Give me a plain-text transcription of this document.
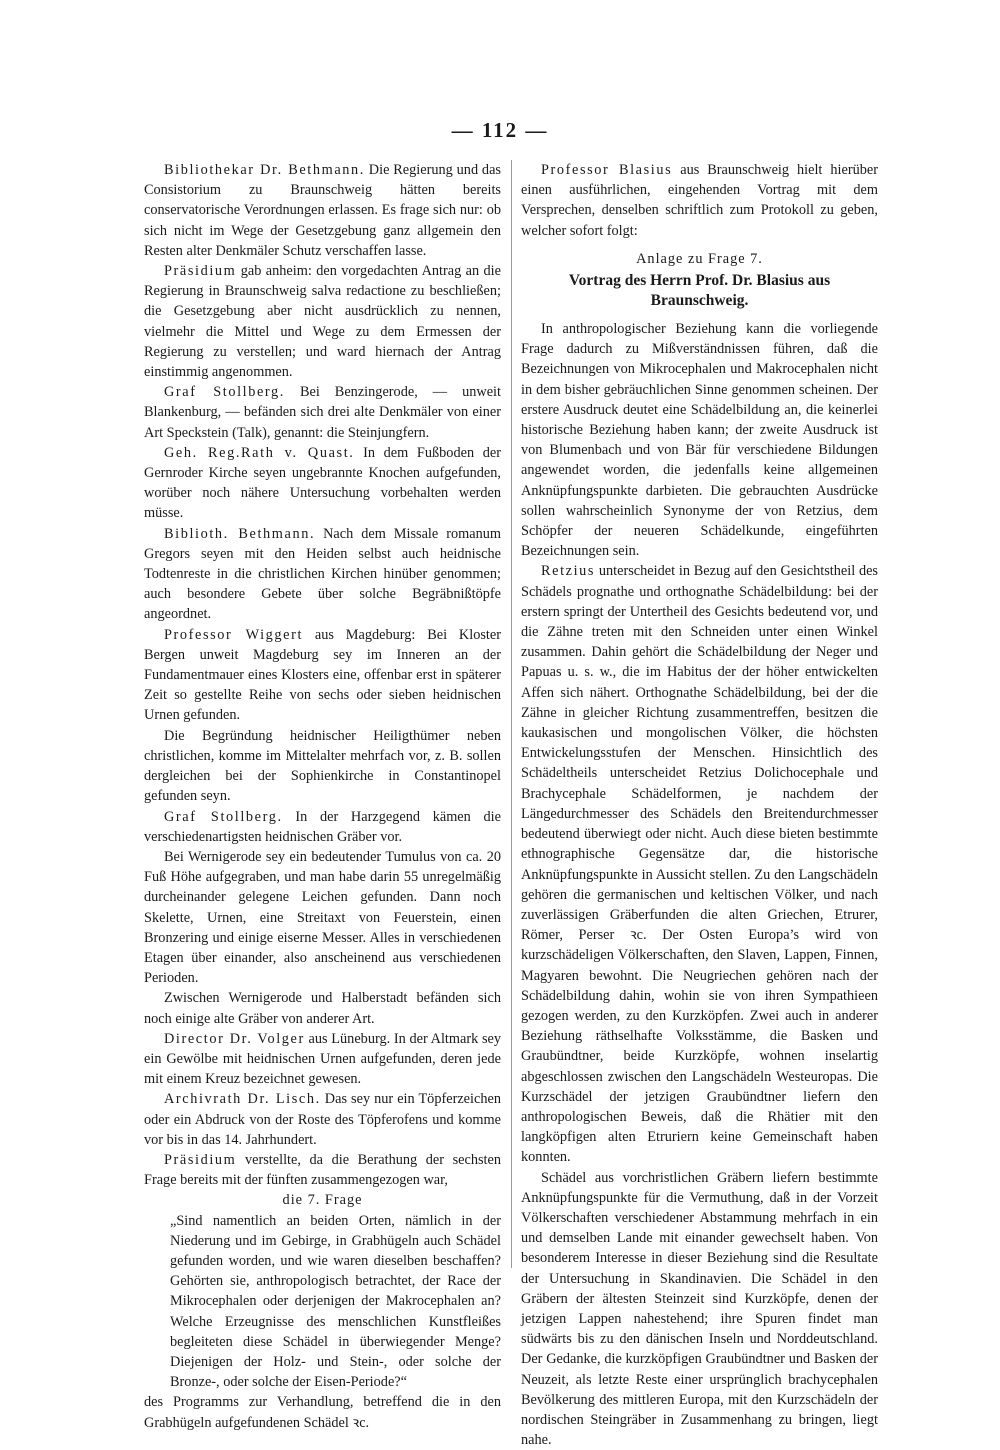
— 112 —

Bibliothekar Dr. Bethmann. Die Regierung und das Consistorium zu Braunschweig hätten bereits conservatorische Verordnungen erlassen. Es frage sich nur: ob sich nicht im Wege der Gesetzgebung ganz allgemein den Resten alter Denkmäler Schutz verschaffen lasse.

Präsidium gab anheim: den vorgedachten Antrag an die Regierung in Braunschweig salva redactione zu beschließen; die Gesetzgebung aber nicht ausdrücklich zu nennen, vielmehr die Mittel und Wege zu dem Ermessen der Regierung zu verstellen; und ward hiernach der Antrag einstimmig angenommen.

Graf Stollberg. Bei Benzingerode, — unweit Blankenburg, — befänden sich drei alte Denkmäler von einer Art Speckstein (Talk), genannt: die Steinjungfern.

Geh. Reg.Rath v. Quast. In dem Fußboden der Gernroder Kirche seyen ungebrannte Knochen aufgefunden, worüber noch nähere Untersuchung vorbehalten werden müsse.

Biblioth. Bethmann. Nach dem Missale romanum Gregors seyen mit den Heiden selbst auch heidnische Todtenreste in die christlichen Kirchen hinüber genommen; auch besondere Gebete über solche Begräbnißtöpfe angeordnet.

Professor Wiggert aus Magdeburg: Bei Kloster Bergen unweit Magdeburg sey im Inneren an der Fundamentmauer eines Klosters eine, offenbar erst in späterer Zeit so gestellte Reihe von sechs oder sieben heidnischen Urnen gefunden.

Die Begründung heidnischer Heiligthümer neben christlichen, komme im Mittelalter mehrfach vor, z. B. sollen dergleichen bei der Sophienkirche in Constantinopel gefunden seyn.

Graf Stollberg. In der Harzgegend kämen die verschiedenartigsten heidnischen Gräber vor.

Bei Wernigerode sey ein bedeutender Tumulus von ca. 20 Fuß Höhe aufgegraben, und man habe darin 55 unregelmäßig durcheinander gelegene Leichen gefunden. Dann noch Skelette, Urnen, eine Streitaxt von Feuerstein, einen Bronzering und einige eiserne Messer. Alles in verschiedenen Etagen über einander, also anscheinend aus verschiedenen Perioden.

Zwischen Wernigerode und Halberstadt befänden sich noch einige alte Gräber von anderer Art.

Director Dr. Volger aus Lüneburg. In der Altmark sey ein Gewölbe mit heidnischen Urnen aufgefunden, deren jede mit einem Kreuz bezeichnet gewesen.

Archivrath Dr. Lisch. Das sey nur ein Töpferzeichen oder ein Abdruck von der Roste des Töpferofens und komme vor bis in das 14. Jahrhundert.

Präsidium verstellte, da die Berathung der sechsten Frage bereits mit der fünften zusammengezogen war,

die 7. Frage

„Sind namentlich an beiden Orten, nämlich in der Niederung und im Gebirge, in Grabhügeln auch Schädel gefunden worden, und wie waren dieselben beschaffen? Gehörten sie, anthropologisch betrachtet, der Race der Mikrocephalen oder derjenigen der Makrocephalen an? Welche Erzeugnisse des menschlichen Kunstfleißes begleiteten diese Schädel in überwiegender Menge? Diejenigen der Holz- und Stein-, oder solche der Bronze-, oder solche der Eisen-Periode?“

des Programms zur Verhandlung, betreffend die in den Grabhügeln aufgefundenen Schädel ꝛc.

Professor Blasius aus Braunschweig hielt hierüber einen ausführlichen, eingehenden Vortrag mit dem Versprechen, denselben schriftlich zum Protokoll zu geben, welcher sofort folgt:

Anlage zu Frage 7.

Vortrag des Herrn Prof. Dr. Blasius aus Braunschweig.

In anthropologischer Beziehung kann die vorliegende Frage dadurch zu Mißverständnissen führen, daß die Bezeichnungen von Mikrocephalen und Makrocephalen nicht in dem bisher gebräuchlichen Sinne genommen scheinen. Der erstere Ausdruck deutet eine Schädelbildung an, die keinerlei historische Beziehung haben kann; der zweite Ausdruck ist von Blumenbach und von Bär für verschiedene Bildungen angewendet worden, die jedenfalls keine allgemeinen Anknüpfungspunkte darbieten. Die gebrauchten Ausdrücke sollen wahrscheinlich Synonyme der von Retzius, dem Schöpfer der neueren Schädelkunde, eingeführten Bezeichnungen sein.

Retzius unterscheidet in Bezug auf den Gesichtstheil des Schädels prognathe und orthognathe Schädelbildung: bei der erstern springt der Untertheil des Gesichts bedeutend vor, und die Zähne treten mit den Schneiden unter einen Winkel zusammen. Dahin gehört die Schädelbildung der Neger und Papuas u. s. w., die im Habitus der der höher entwickelten Affen sich nähert. Orthognathe Schädelbildung, bei der die Zähne in gleicher Richtung zusammentreffen, besitzen die kaukasischen und mongolischen Völker, die höchsten Entwickelungsstufen der Menschen. Hinsichtlich des Schädeltheils unterscheidet Retzius Dolichocephale und Brachycephale Schädelformen, je nachdem der Längedurchmesser des Schädels den Breitendurchmesser bedeutend überwiegt oder nicht. Auch diese bieten bestimmte ethnographische Gegensätze dar, die historische Anknüpfungspunkte in Aussicht stellen. Zu den Langschädeln gehören die germanischen und keltischen Völker, und nach zuverlässigen Gräberfunden die alten Griechen, Etrurer, Römer, Perser ꝛc. Der Osten Europa’s wird von kurzschädeligen Völkerschaften, den Slaven, Lappen, Finnen, Magyaren bewohnt. Die Neugriechen gehören nach der Schädelbildung dahin, wohin sie von ihren Sympathieen gezogen werden, zu den Kurzköpfen. Zwei auch in anderer Beziehung räthselhafte Volksstämme, die Basken und Graubündtner, beide Kurzköpfe, wohnen inselartig abgeschlossen zwischen den Langschädeln Westeuropas. Die Kurzschädel der jetzigen Graubündtner liefern den anthropologischen Beweis, daß die Rhätier mit den langköpfigen alten Etruriern keine Gemeinschaft haben konnten.

Schädel aus vorchristlichen Gräbern liefern bestimmte Anknüpfungspunkte für die Vermuthung, daß in der Vorzeit Völkerschaften verschiedener Abstammung mehrfach in ein und demselben Lande mit einander gewechselt haben. Von besonderem Interesse in dieser Beziehung sind die Resultate der Untersuchung in Skandinavien. Die Schädel in den Gräbern der ältesten Steinzeit sind Kurzköpfe, denen der jetzigen Lappen nahestehend; ihre Spuren findet man südwärts bis zu den dänischen Inseln und Norddeutschland. Der Gedanke, die kurzköpfigen Graubündtner und Basken der Neuzeit, als letzte Reste einer ursprünglich brachycephalen Bevölkerung des mittleren Europa, mit den Kurzschädeln der nordischen Steingräber in Zusammenhang zu bringen, liegt nahe.
